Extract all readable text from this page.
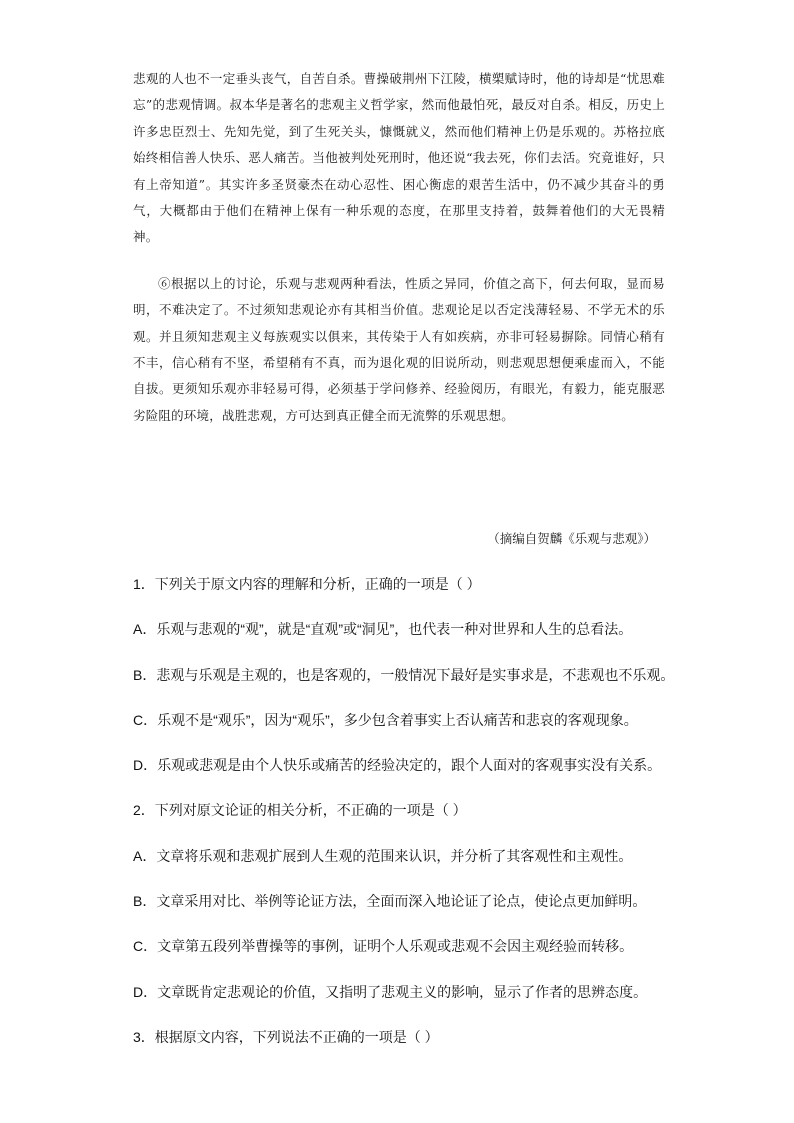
悲观的人也不一定垂头丧气，自苦自杀。曹操破荆州下江陵，横槊赋诗时，他的诗却是“忧思难忘”的悲观情调。叔本华是著名的悲观主义哲学家，然而他最怕死，最反对自杀。相反，历史上许多忠臣烈士、先知先觉，到了生死关头，慷慨就义，然而他们精神上仍是乐观的。苏格拉底始终相信善人快乐、恶人痛苦。当他被判处死刑时，他还说“我去死，你们去活。究竟谁好，只有上帝知道”。其实许多圣贤豪杰在动心忍性、困心衡虑的艰苦生活中，仍不减少其奋斗的勇气，大概都由于他们在精神上保有一种乐观的态度，在那里支持着，鼓舞着他们的大无畏精神。

⑥根据以上的讨论，乐观与悲观两种看法，性质之异同，价值之高下，何去何取，显而易明，不难决定了。不过须知悲观论亦有其相当价值。悲观论足以否定浅薄轻易、不学无术的乐观。并且须知悲观主义每族观实以俱来，其传染于人有如疾病，亦非可轻易摒除。同情心稍有不丰，信心稍有不坚，希望稍有不真，而为退化观的旧说所动，则悲观思想便乘虚而入，不能自拔。更须知乐观亦非轻易可得，必须基于学问修养、经验阅历，有眼光，有毅力，能克服恶劣险阻的环境，战胜悲观，方可达到真正健全而无流弊的乐观思想。

（摘编自贺麟《乐观与悲观》）

1．下列关于原文内容的理解和分析，正确的一项是（ ）

A．乐观与悲观的“观”，就是“直观”或“洞见”，也代表一种对世界和人生的总看法。

B．悲观与乐观是主观的，也是客观的，一般情况下最好是实事求是，不悲观也不乐观。

C．乐观不是“观乐”，因为“观乐”，多少包含着事实上否认痛苦和悲哀的客观现象。

D．乐观或悲观是由个人快乐或痛苦的经验决定的，跟个人面对的客观事实没有关系。

2．下列对原文论证的相关分析，不正确的一项是（ ）

A．文章将乐观和悲观扩展到人生观的范围来认识，并分析了其客观性和主观性。

B．文章采用对比、举例等论证方法，全面而深入地论证了论点，使论点更加鲜明。

C．文章第五段列举曹操等的事例，证明个人乐观或悲观不会因主观经验而转移。

D．文章既肯定悲观论的价值，又指明了悲观主义的影响，显示了作者的思辨态度。

3．根据原文内容，下列说法不正确的一项是（ ）
